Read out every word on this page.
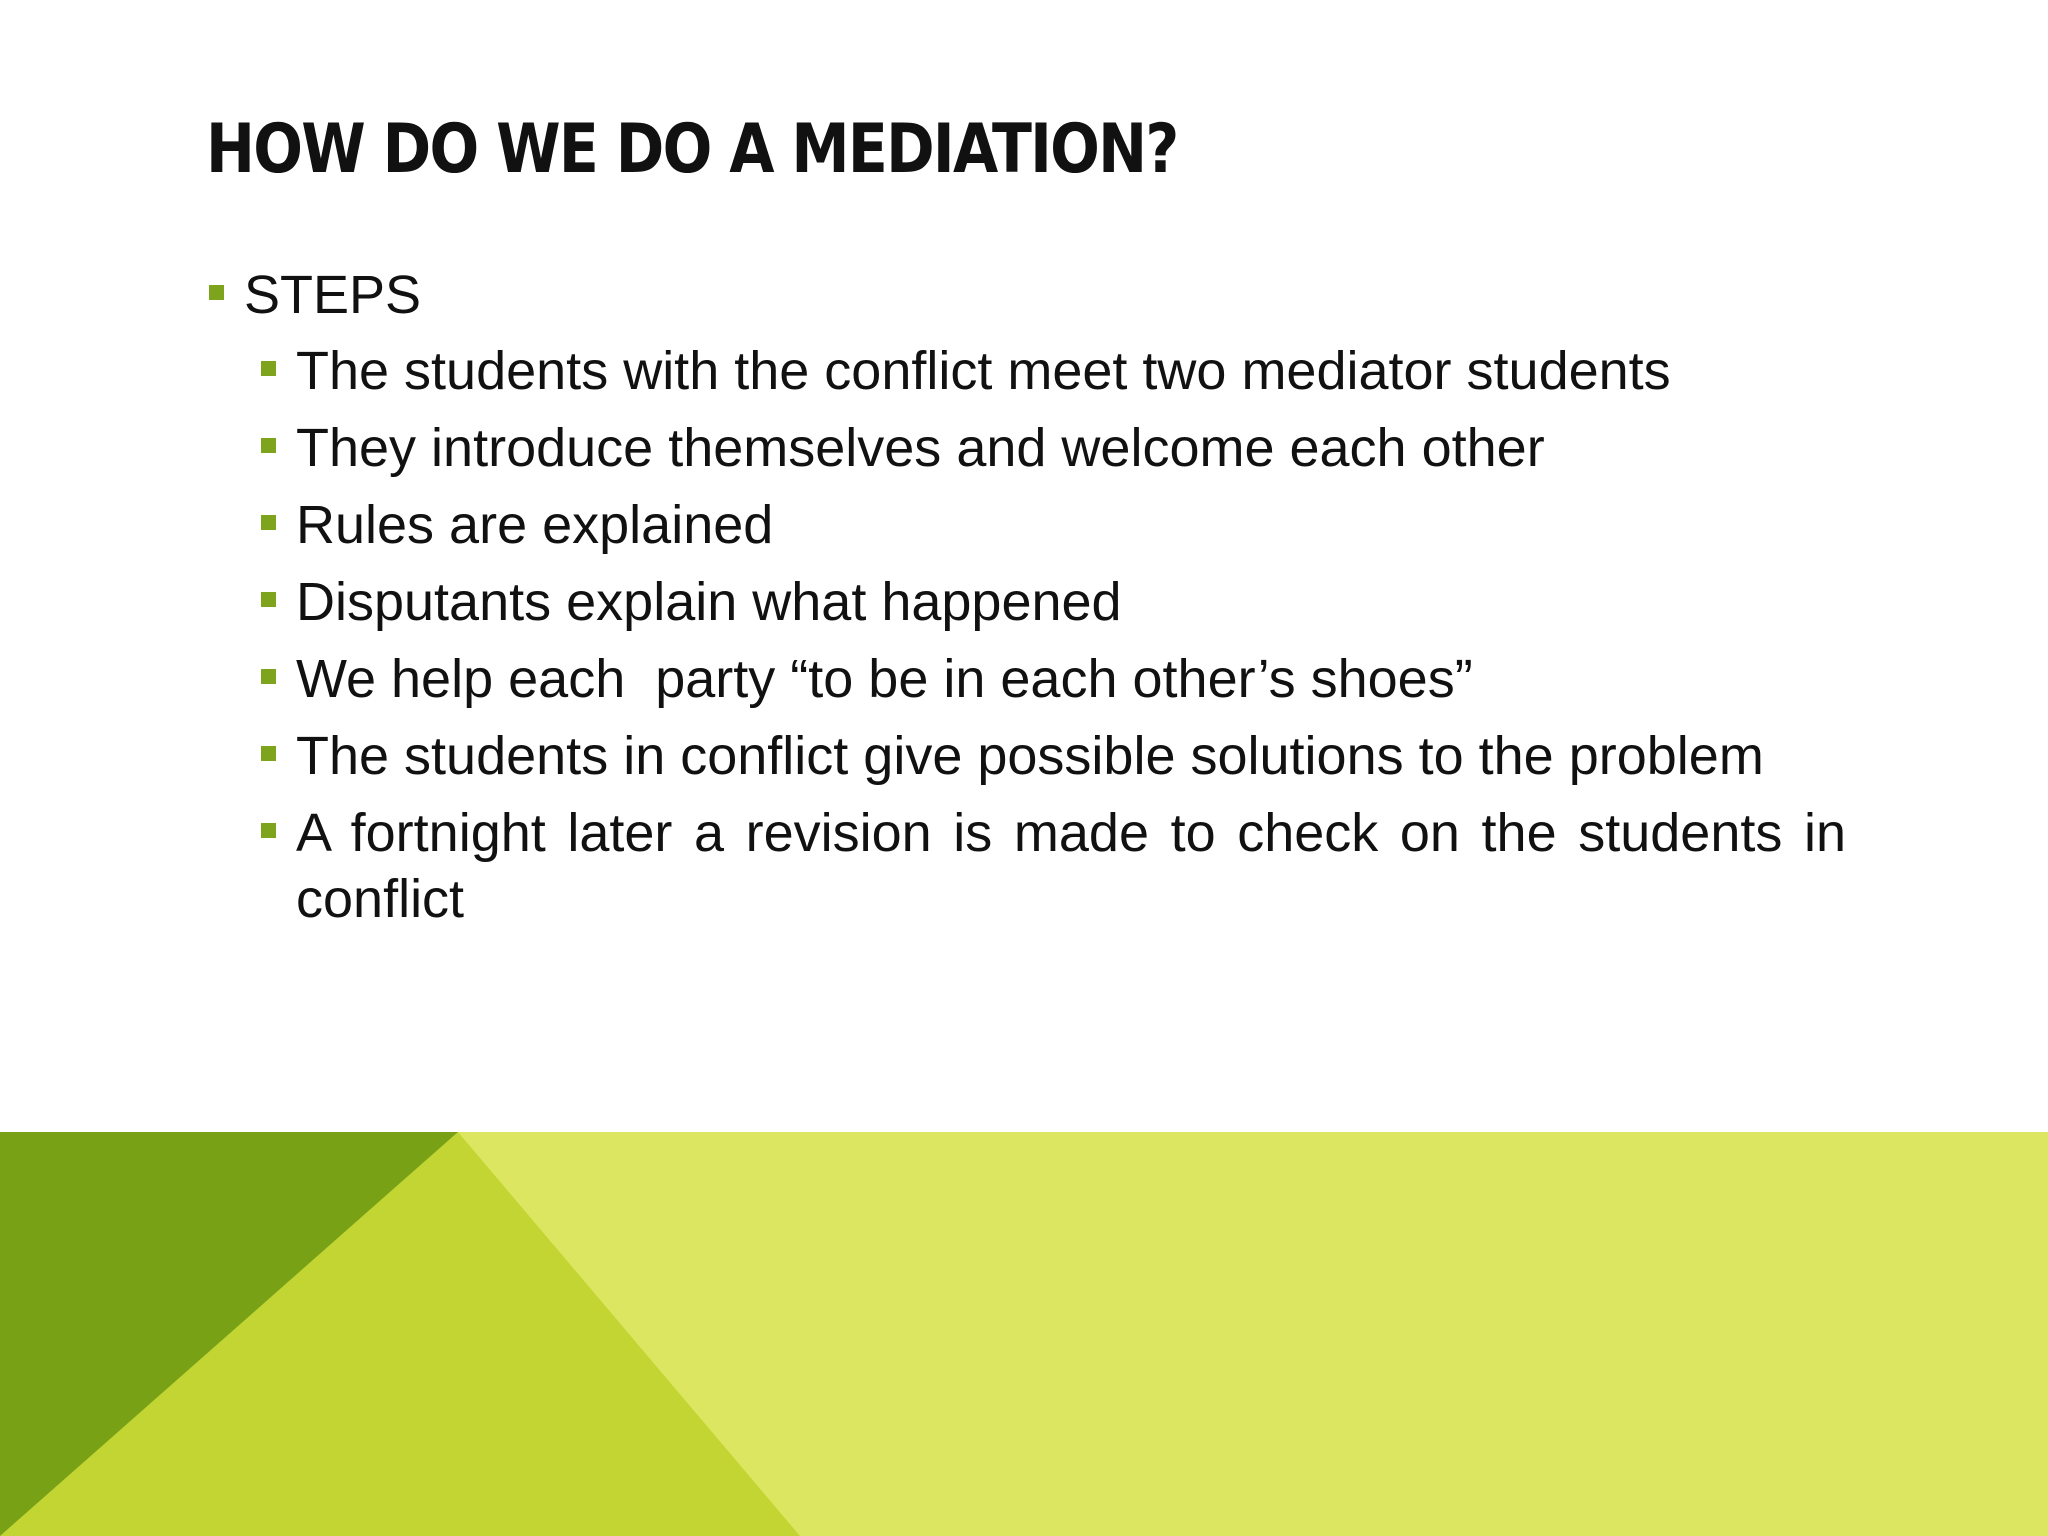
HOW DO WE DO A MEDIATION?
STEPS
The students with the conflict meet two mediator students
They introduce themselves and welcome each other
Rules are explained
Disputants explain what happened
We help each  party “to be in each other’s shoes”
The students in conflict give possible solutions to the problem
A fortnight later a revision is made to check on the students in conflict
